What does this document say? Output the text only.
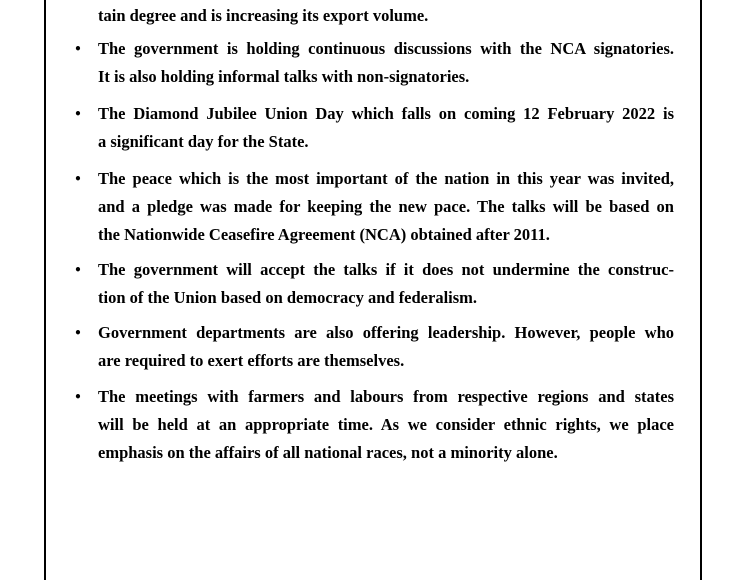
tain degree and is increasing its export volume.
• The government is holding continuous discussions with the NCA signatories.
It is also holding informal talks with non-signatories.
• The Diamond Jubilee Union Day which falls on coming 12 February 2022 is
a significant day for the State.
• The peace which is the most important of the nation in this year was invited,
and a pledge was made for keeping the new pace. The talks will be based on
the Nationwide Ceasefire Agreement (NCA) obtained after 2011.
• The government will accept the talks if it does not undermine the construc-
tion of the Union based on democracy and federalism.
• Government departments are also offering leadership. However, people who
are required to exert efforts are themselves.
• The meetings with farmers and labours from respective regions and states
will be held at an appropriate time. As we consider ethnic rights, we place
emphasis on the affairs of all national races, not a minority alone.
